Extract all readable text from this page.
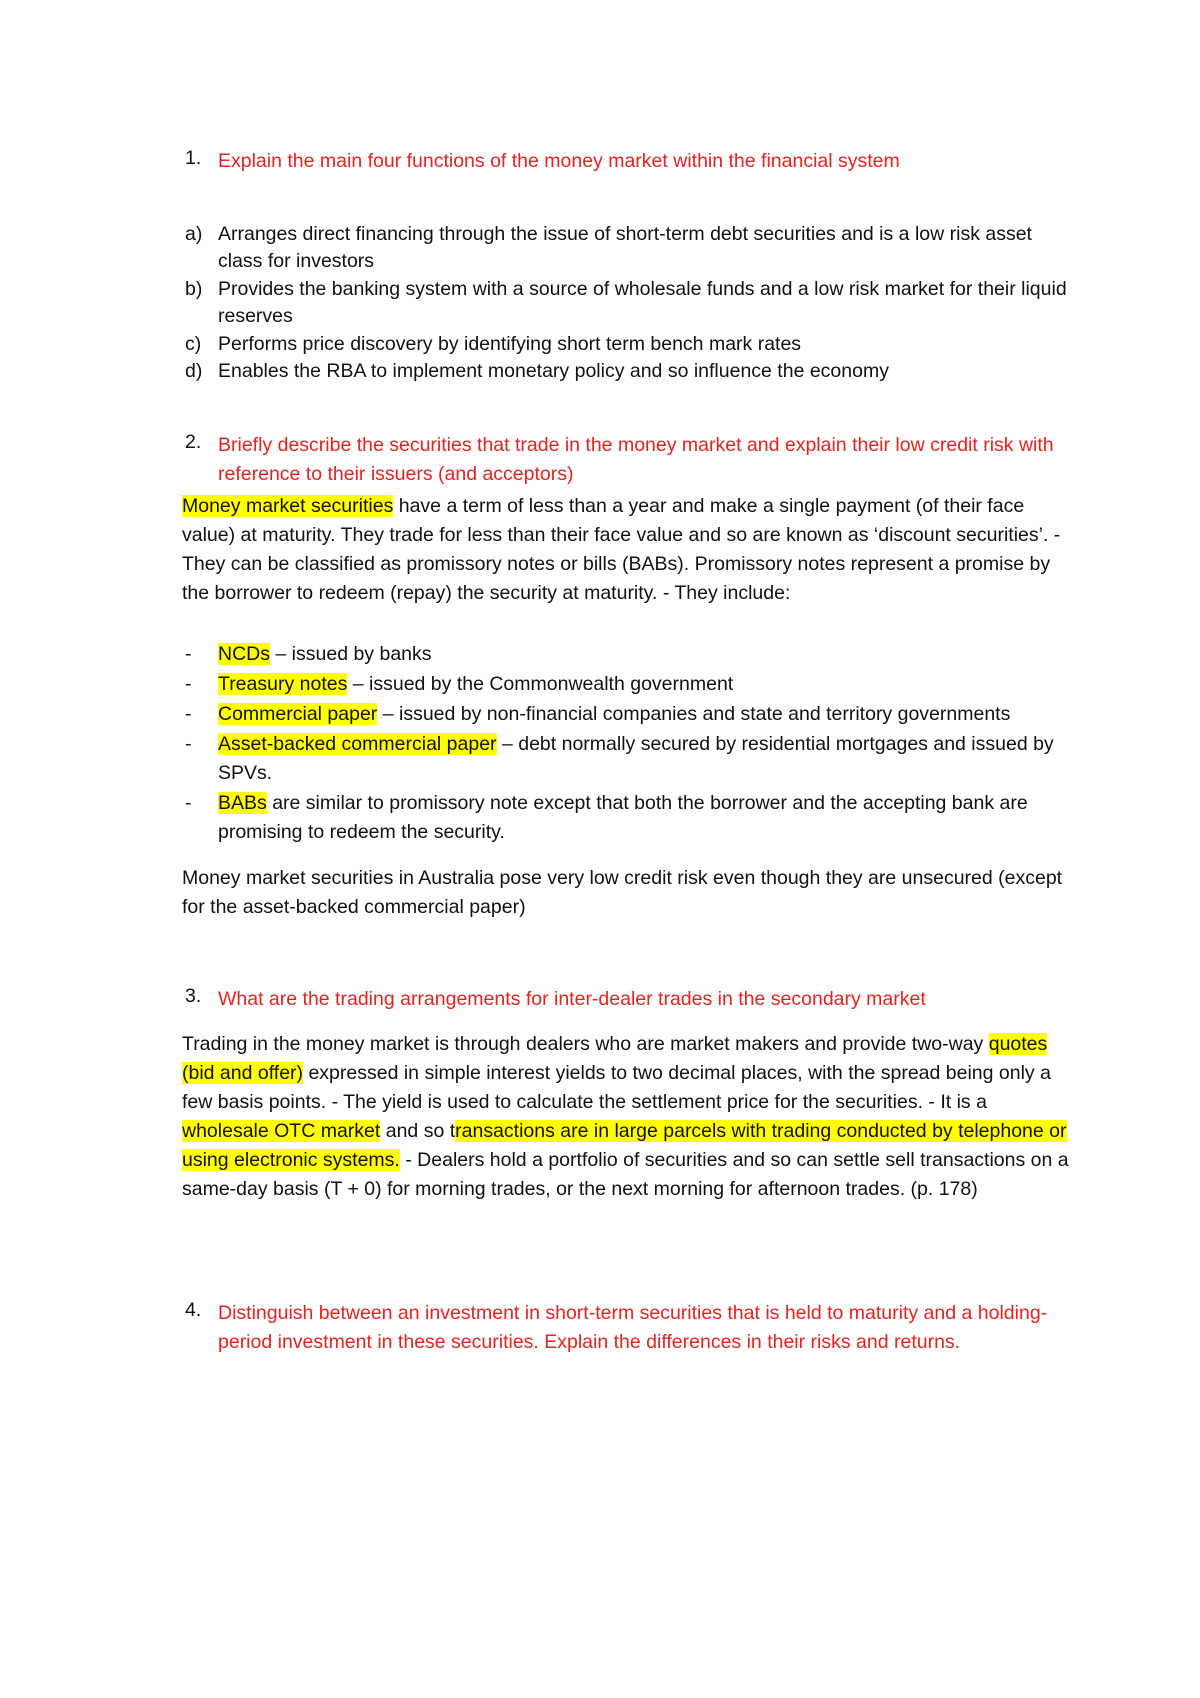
1. Explain the main four functions of the money market within the financial system
a) Arranges direct financing through the issue of short-term debt securities and is a low risk asset class for investors
b) Provides the banking system with a source of wholesale funds and a low risk market for their liquid reserves
c) Performs price discovery by identifying short term bench mark rates
d) Enables the RBA to implement monetary policy and so influence the economy
2. Briefly describe the securities that trade in the money market and explain their low credit risk with reference to their issuers (and acceptors)

Money market securities have a term of less than a year and make a single payment (of their face value) at maturity. They trade for less than their face value and so are known as ‘discount securities’. - They can be classified as promissory notes or bills (BABs). Promissory notes represent a promise by the borrower to redeem (repay) the security at maturity. - They include:

- NCDs – issued by banks
- Treasury notes – issued by the Commonwealth government
- Commercial paper – issued by non-financial companies and state and territory governments
- Asset-backed commercial paper – debt normally secured by residential mortgages and issued by SPVs.
- BABs are similar to promissory note except that both the borrower and the accepting bank are promising to redeem the security.

Money market securities in Australia pose very low credit risk even though they are unsecured (except for the asset-backed commercial paper)

3. What are the trading arrangements for inter-dealer trades in the secondary market

Trading in the money market is through dealers who are market makers and provide two-way quotes (bid and offer) expressed in simple interest yields to two decimal places, with the spread being only a few basis points. - The yield is used to calculate the settlement price for the securities. - It is a wholesale OTC market and so transactions are in large parcels with trading conducted by telephone or using electronic systems. - Dealers hold a portfolio of securities and so can settle sell transactions on a same-day basis (T + 0) for morning trades, or the next morning for afternoon trades. (p. 178)

4. Distinguish between an investment in short-term securities that is held to maturity and a holding-period investment in these securities. Explain the differences in their risks and returns.
